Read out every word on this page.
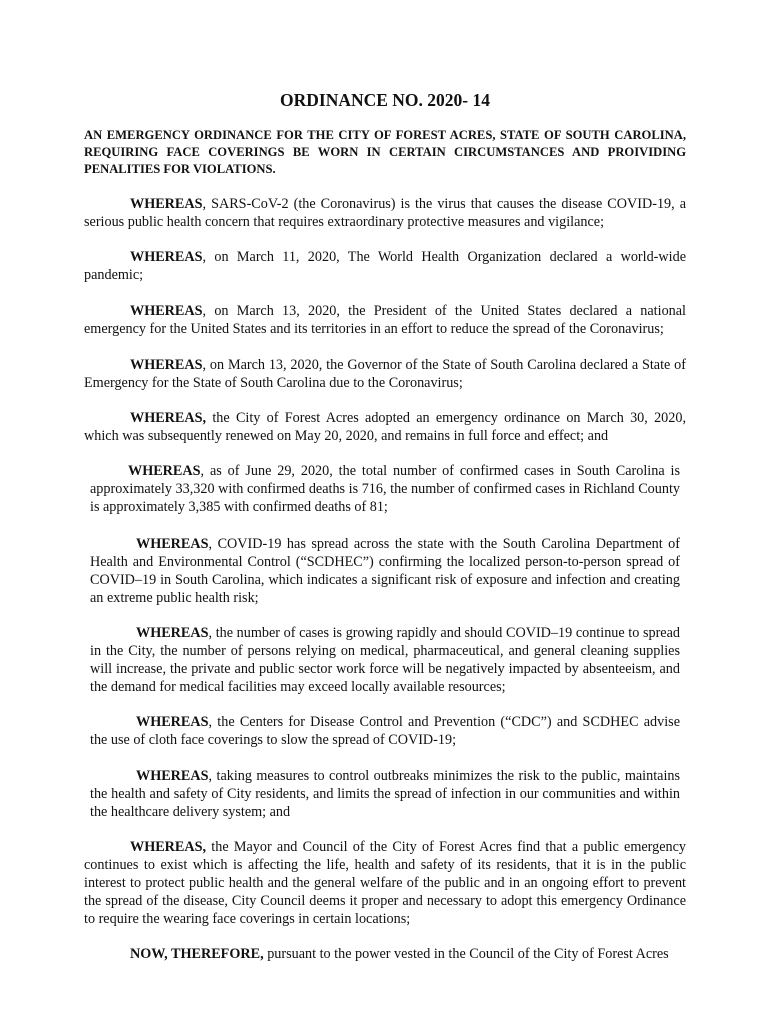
ORDINANCE NO. 2020- 14

AN EMERGENCY ORDINANCE FOR THE CITY OF FOREST ACRES, STATE OF SOUTH CAROLINA, REQUIRING FACE COVERINGS BE WORN IN CERTAIN CIRCUMSTANCES AND PROIVIDING PENALITIES FOR VIOLATIONS.

WHEREAS, SARS-CoV-2 (the Coronavirus) is the virus that causes the disease COVID-19, a serious public health concern that requires extraordinary protective measures and vigilance;

WHEREAS, on March 11, 2020, The World Health Organization declared a world-wide pandemic;

WHEREAS, on March 13, 2020, the President of the United States declared a national emergency for the United States and its territories in an effort to reduce the spread of the Coronavirus;

WHEREAS, on March 13, 2020, the Governor of the State of South Carolina declared a State of Emergency for the State of South Carolina due to the Coronavirus;

WHEREAS, the City of Forest Acres adopted an emergency ordinance on March 30, 2020, which was subsequently renewed on May 20, 2020, and remains in full force and effect; and

WHEREAS, as of June 29, 2020, the total number of confirmed cases in South Carolina is approximately 33,320 with confirmed deaths is 716, the number of confirmed cases in Richland County is approximately 3,385 with confirmed deaths of 81;

WHEREAS, COVID-19 has spread across the state with the South Carolina Department of Health and Environmental Control (“SCDHEC”) confirming the localized person-to-person spread of COVID–19 in South Carolina, which indicates a significant risk of exposure and infection and creating an extreme public health risk;

WHEREAS, the number of cases is growing rapidly and should COVID–19 continue to spread in the City, the number of persons relying on medical, pharmaceutical, and general cleaning supplies will increase, the private and public sector work force will be negatively impacted by absenteeism, and the demand for medical facilities may exceed locally available resources;

WHEREAS, the Centers for Disease Control and Prevention (“CDC”) and SCDHEC advise the use of cloth face coverings to slow the spread of COVID-19;

WHEREAS, taking measures to control outbreaks minimizes the risk to the public, maintains the health and safety of City residents, and limits the spread of infection in our communities and within the healthcare delivery system; and

WHEREAS, the Mayor and Council of the City of Forest Acres find that a public emergency continues to exist which is affecting the life, health and safety of its residents, that it is in the public interest to protect public health and the general welfare of the public and in an ongoing effort to prevent the spread of the disease, City Council deems it proper and necessary to adopt this emergency Ordinance to require the wearing face coverings in certain locations;

NOW, THEREFORE, pursuant to the power vested in the Council of the City of Forest Acres
